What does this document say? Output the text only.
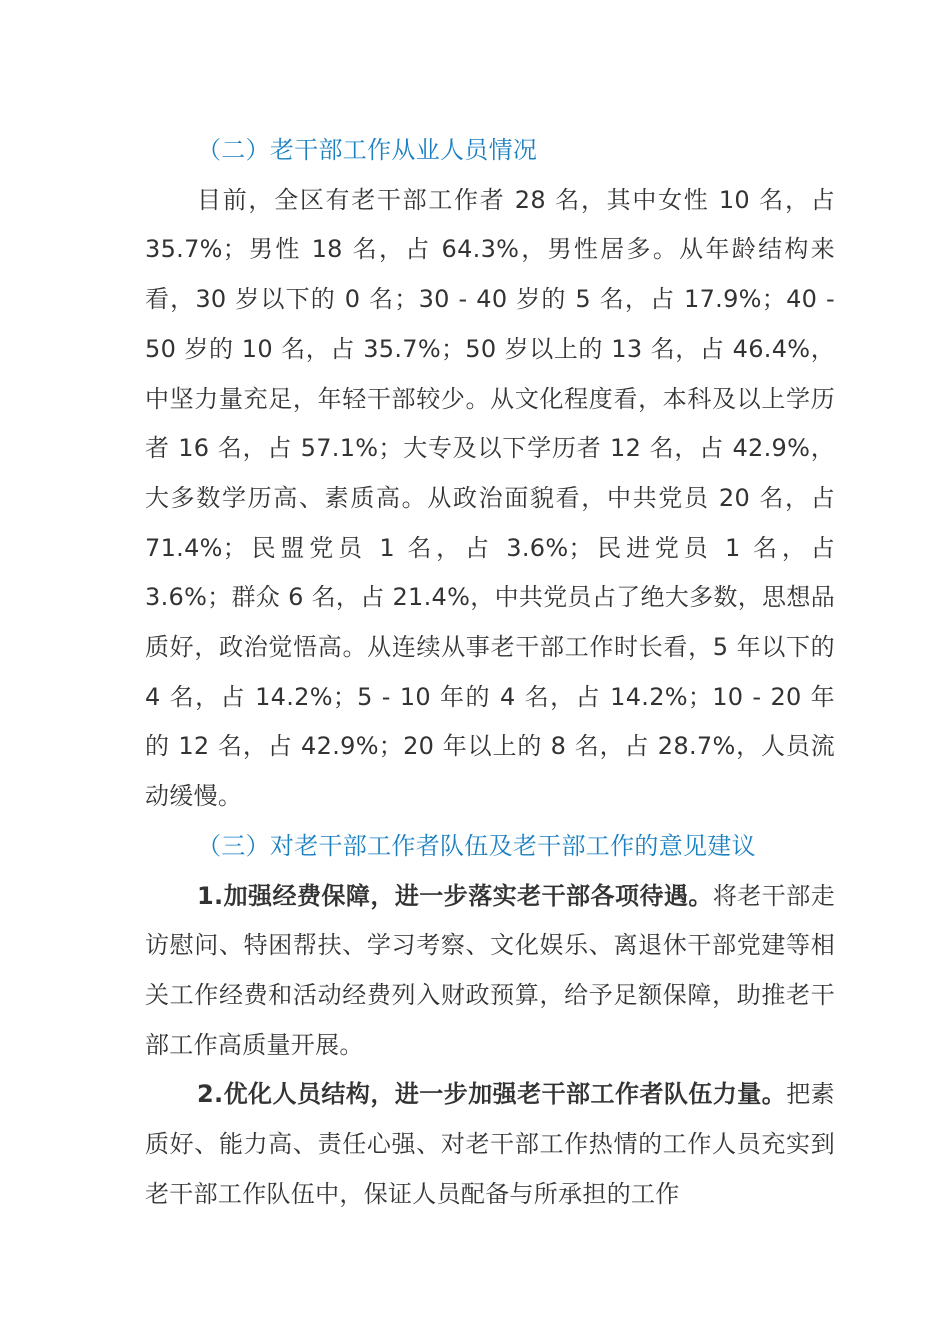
（二）老干部工作从业人员情况

目前，全区有老干部工作者 28 名，其中女性 10 名，占 35.7%；男性 18 名，占 64.3%，男性居多。从年龄结构来看，30 岁以下的 0 名；30 - 40 岁的 5 名，占 17.9%；40 - 50 岁的 10 名，占 35.7%；50 岁以上的 13 名，占 46.4%，中坚力量充足，年轻干部较少。从文化程度看，本科及以上学历者 16 名，占 57.1%；大专及以下学历者 12 名，占 42.9%，大多数学历高、素质高。从政治面貌看，中共党员 20 名，占 71.4%；民盟党员 1 名，占 3.6%；民进党员 1 名，占 3.6%；群众 6 名，占 21.4%，中共党员占了绝大多数，思想品质好，政治觉悟高。从连续从事老干部工作时长看，5 年以下的 4 名，占 14.2%；5 - 10 年的 4 名，占 14.2%；10 - 20 年的 12 名，占 42.9%；20 年以上的 8 名，占 28.7%，人员流动缓慢。

（三）对老干部工作者队伍及老干部工作的意见建议

1.加强经费保障，进一步落实老干部各项待遇。将老干部走访慰问、特困帮扶、学习考察、文化娱乐、离退休干部党建等相关工作经费和活动经费列入财政预算，给予足额保障，助推老干部工作高质量开展。

2.优化人员结构，进一步加强老干部工作者队伍力量。把素质好、能力高、责任心强、对老干部工作热情的工作人员充实到老干部工作队伍中，保证人员配备与所承担的工作
